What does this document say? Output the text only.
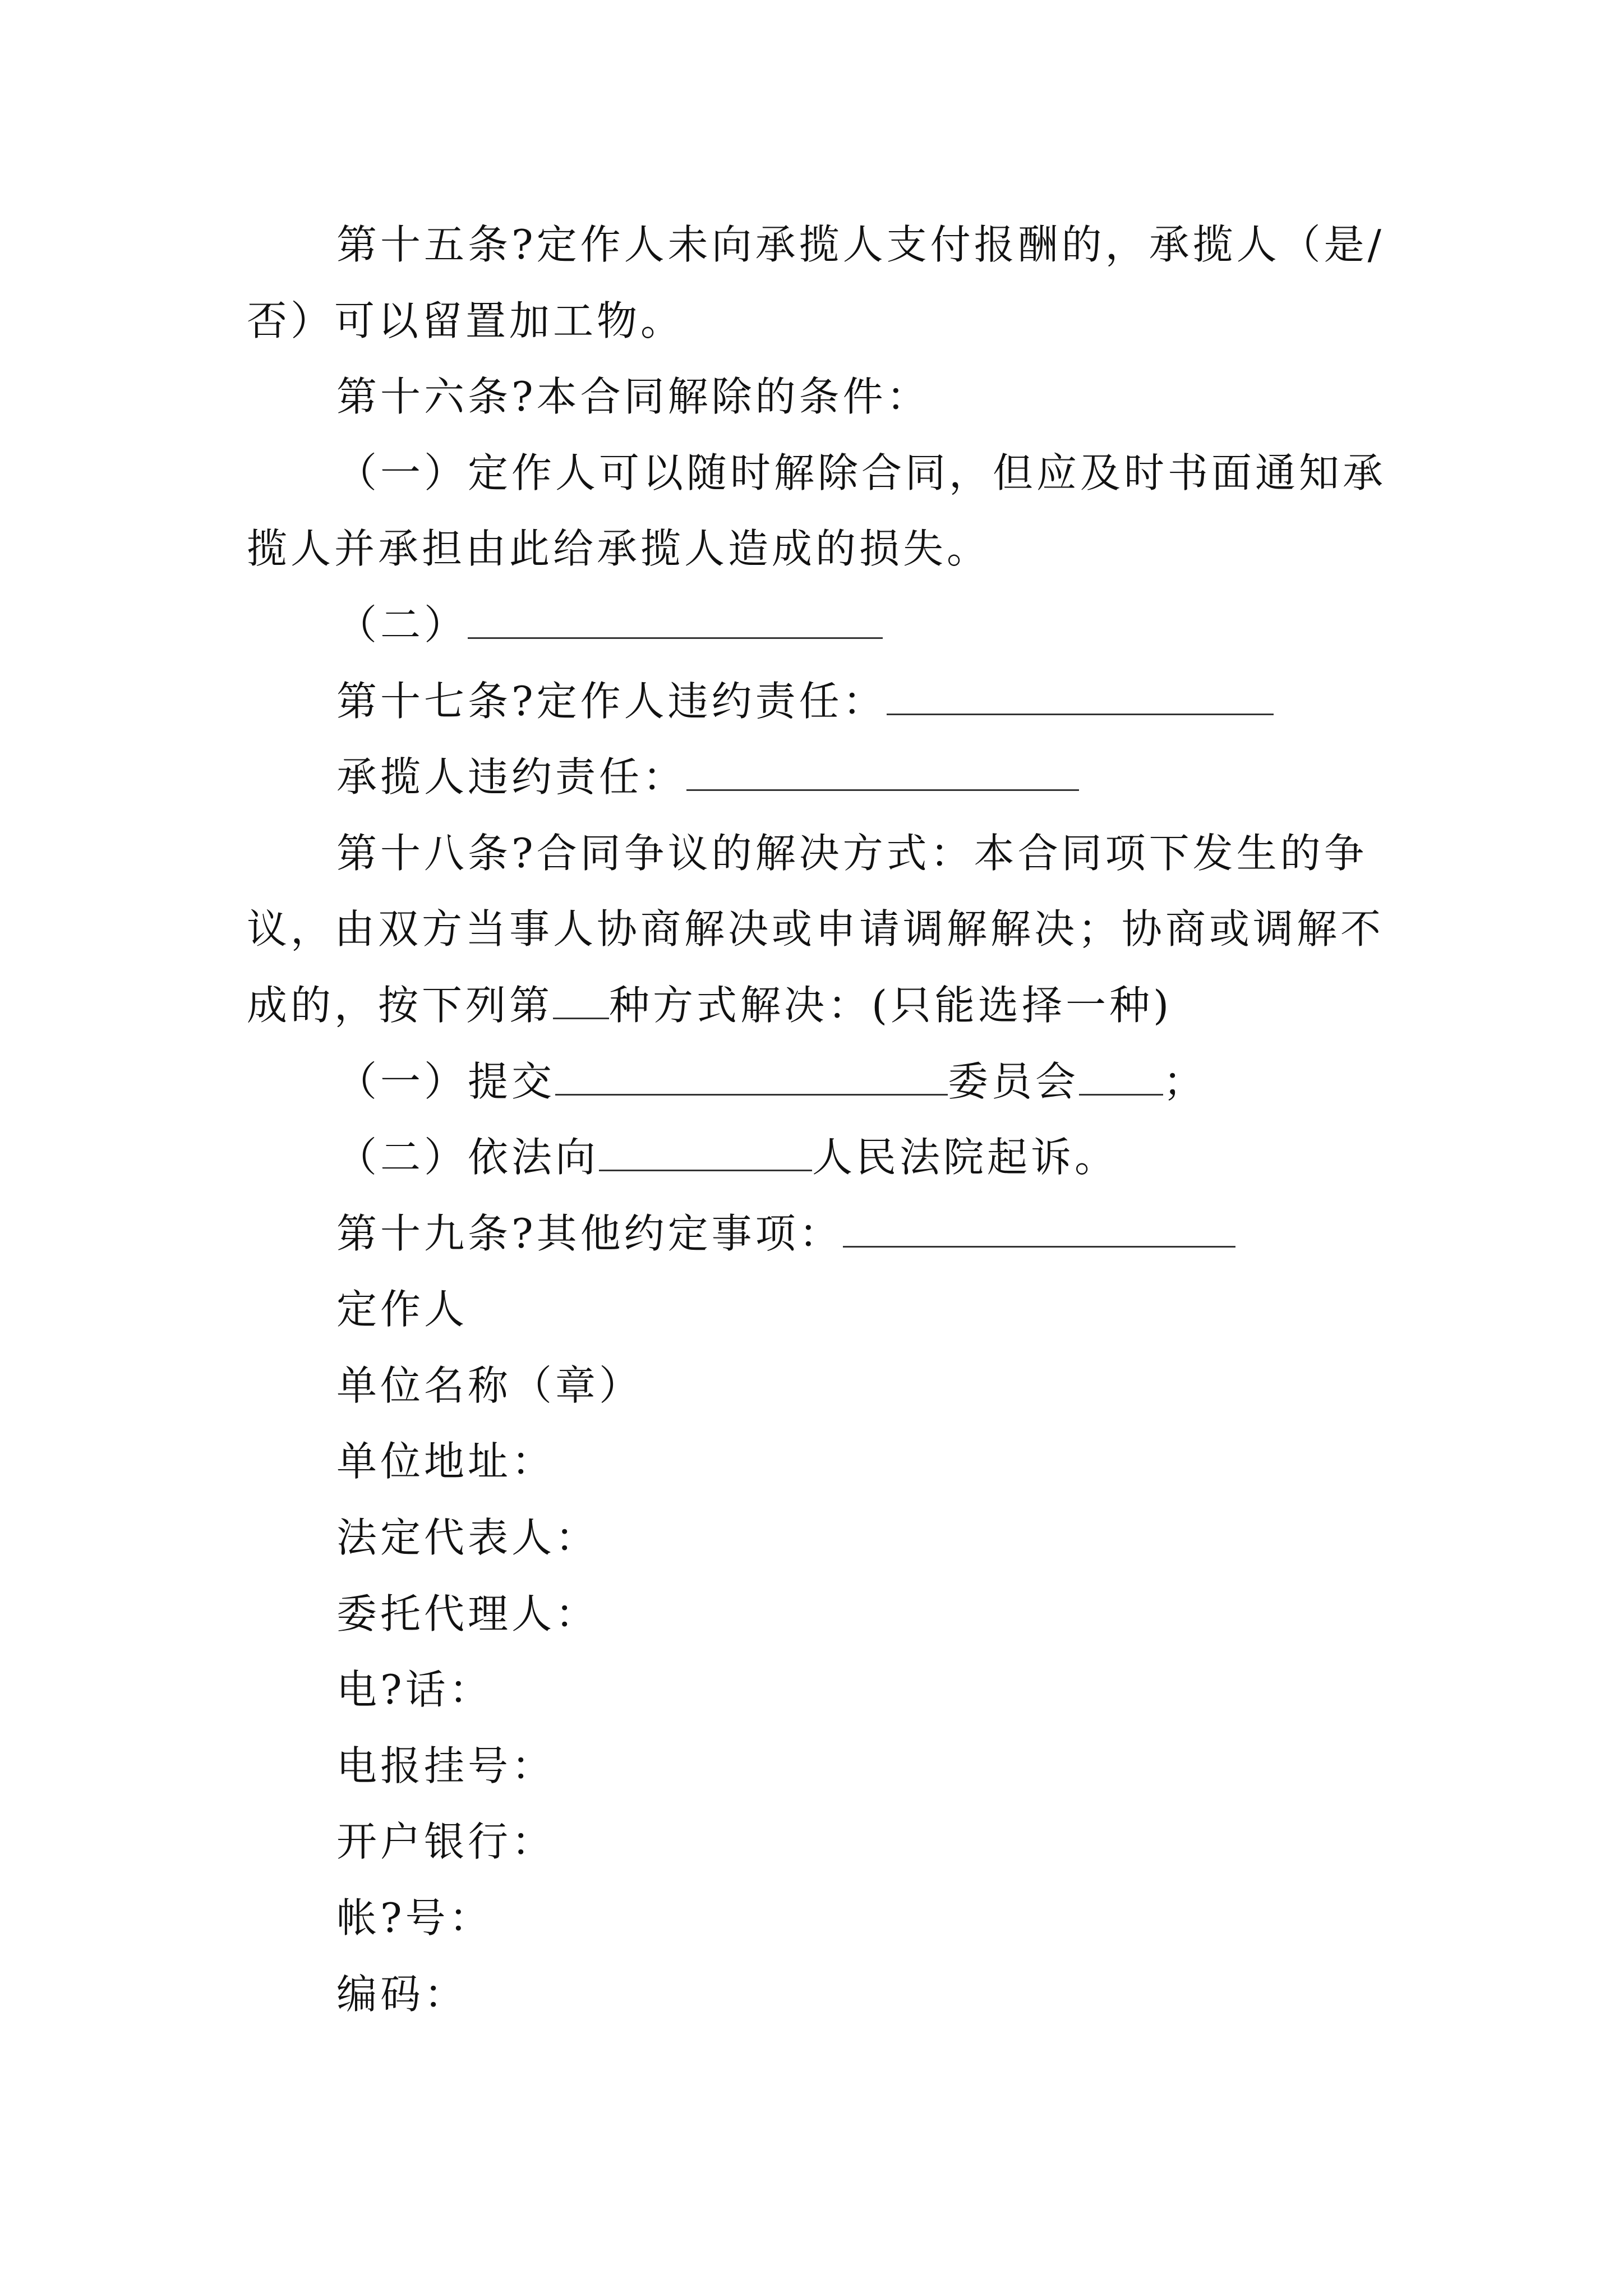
第十五条?定作人未向承揽人支付报酬的，承揽人（是/
否）可以留置加工物。
第十六条?本合同解除的条件：
（一）定作人可以随时解除合同，但应及时书面通知承
揽人并承担由此给承揽人造成的损失。
（二）
第十七条?定作人违约责任：
承揽人违约责任：
第十八条?合同争议的解决方式：本合同项下发生的争
议，由双方当事人协商解决或申请调解解决；协商或调解不
成的，按下列第 种方式解决：(只能选择一种)
（一）提交	委员会 ；
（二）依法向	人民法院起诉。
第十九条?其他约定事项：
定作人
单位名称（章）
单位地址：
法定代表人：
委托代理人：
电?话：
电报挂号：
开户银行：
帐?号：
编码：
